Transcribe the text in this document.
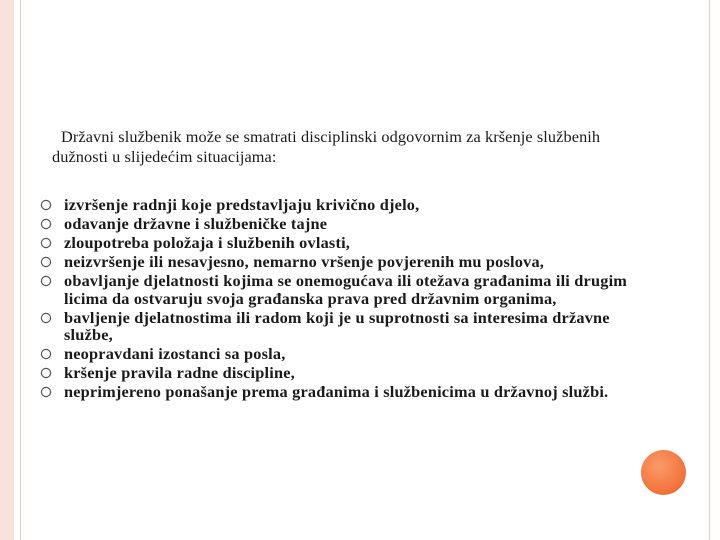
Državni službenik može se smatrati disciplinski odgovornim za kršenje službenih dužnosti u slijedećim situacijama:

izvršenje radnji koje predstavljaju krivično djelo,
odavanje državne i službeničke tajne
zloupotreba položaja i službenih ovlasti,
neizvršenje ili nesavjesno, nemarno vršenje povjerenih mu poslova,
obavljanje djelatnosti kojima se onemogućava ili otežava građanima ili drugim licima da ostvaruju svoja građanska prava pred državnim organima,
bavljenje djelatnostima ili radom koji je u suprotnosti sa interesima državne službe,
neopravdani izostanci sa posla,
kršenje pravila radne discipline,
neprimjereno ponašanje prema građanima i službenicima u državnoj službi.
